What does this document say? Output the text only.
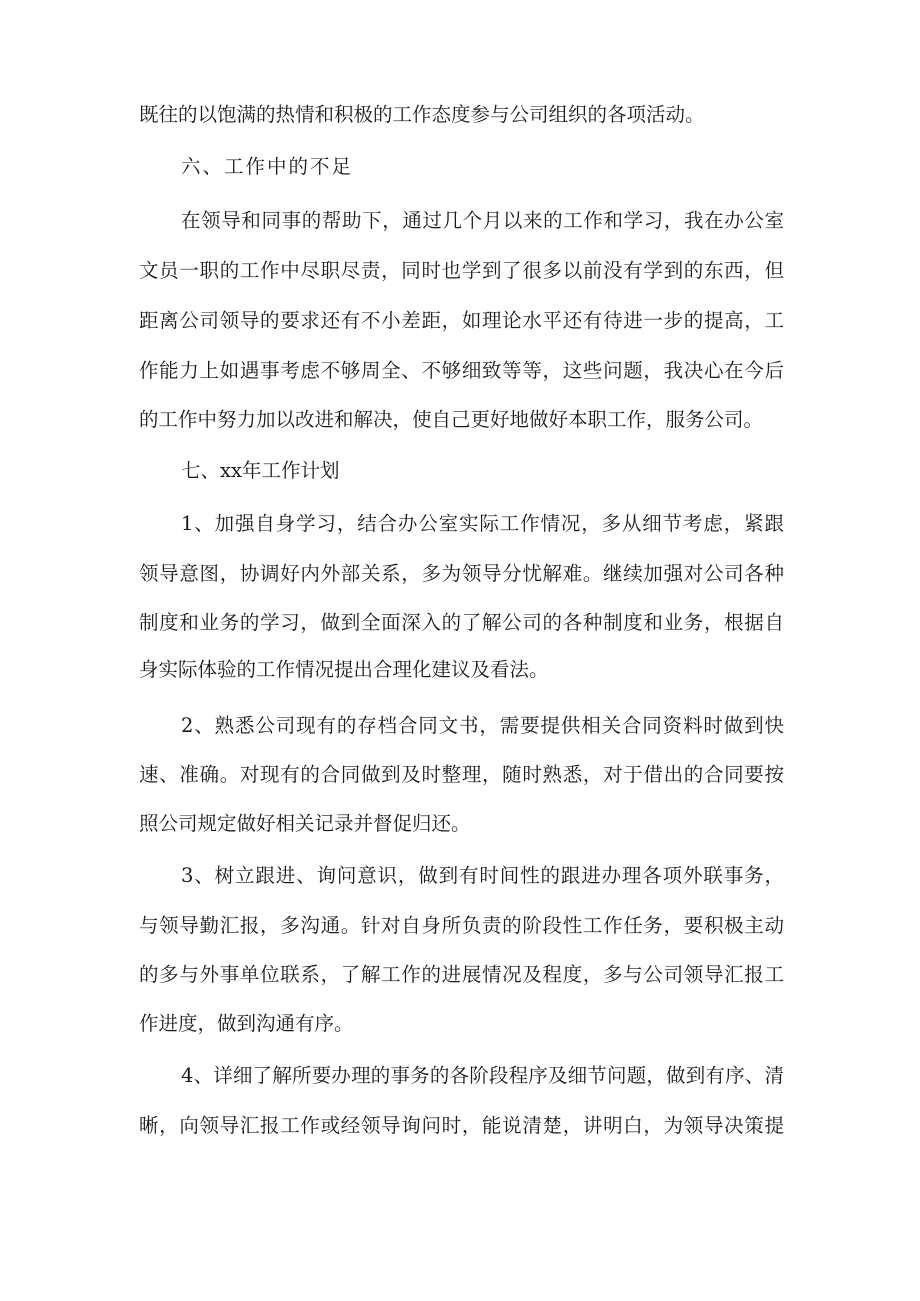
既往的以饱满的热情和积极的工作态度参与公司组织的各项活动。
六、工作中的不足
在领导和同事的帮助下，通过几个月以来的工作和学习，我在办公室
文员一职的工作中尽职尽责，同时也学到了很多以前没有学到的东西，但
距离公司领导的要求还有不小差距，如理论水平还有待进一步的提高，工
作能力上如遇事考虑不够周全、不够细致等等，这些问题，我决心在今后
的工作中努力加以改进和解决，使自己更好地做好本职工作，服务公司。
七、xx年工作计划
1、加强自身学习，结合办公室实际工作情况，多从细节考虑，紧跟
领导意图，协调好内外部关系，多为领导分忧解难。继续加强对公司各种
制度和业务的学习，做到全面深入的了解公司的各种制度和业务，根据自
身实际体验的工作情况提出合理化建议及看法。
2、熟悉公司现有的存档合同文书，需要提供相关合同资料时做到快
速、准确。对现有的合同做到及时整理，随时熟悉，对于借出的合同要按
照公司规定做好相关记录并督促归还。
3、树立跟进、询问意识，做到有时间性的跟进办理各项外联事务，
与领导勤汇报，多沟通。针对自身所负责的阶段性工作任务，要积极主动
的多与外事单位联系，了解工作的进展情况及程度，多与公司领导汇报工
作进度，做到沟通有序。
4、详细了解所要办理的事务的各阶段程序及细节问题，做到有序、清
晰，向领导汇报工作或经领导询问时，能说清楚，讲明白，为领导决策提
